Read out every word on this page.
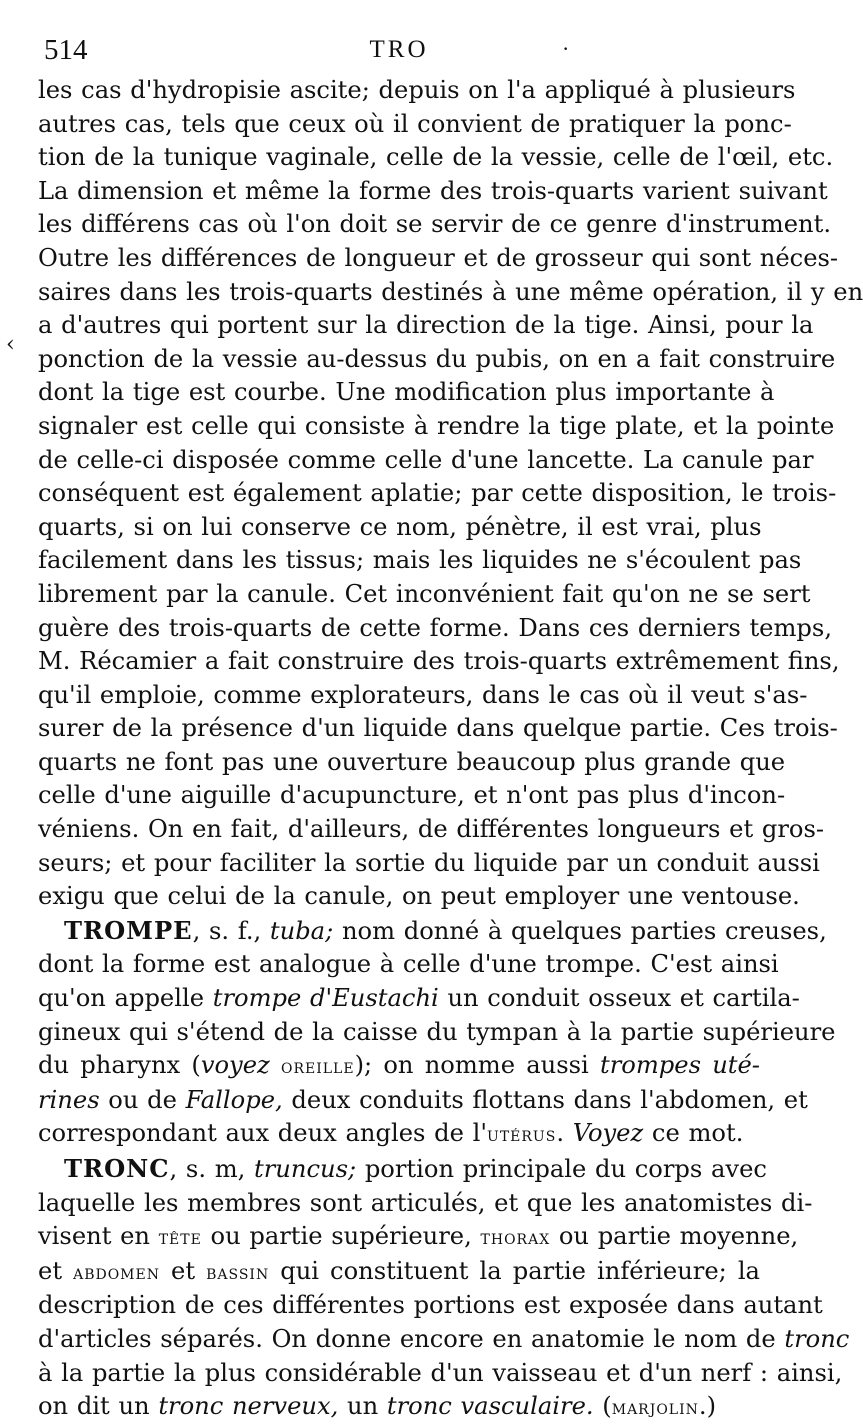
514	TRO	·
‹
les cas d'hydropisie ascite; depuis on l'a appliqué à plusieurs
autres cas, tels que ceux où il convient de pratiquer la ponc-
tion de la tunique vaginale, celle de la vessie, celle de l'œil, etc.
La dimension et même la forme des trois-quarts varient suivant
les différens cas où l'on doit se servir de ce genre d'instrument.
Outre les différences de longueur et de grosseur qui sont néces-
saires dans les trois-quarts destinés à une même opération, il y en
a d'autres qui portent sur la direction de la tige. Ainsi, pour la
ponction de la vessie au-dessus du pubis, on en a fait construire
dont la tige est courbe. Une modification plus importante à
signaler est celle qui consiste à rendre la tige plate, et la pointe
de celle-ci disposée comme celle d'une lancette. La canule par
conséquent est également aplatie; par cette disposition, le trois-
quarts, si on lui conserve ce nom, pénètre, il est vrai, plus
facilement dans les tissus; mais les liquides ne s'écoulent pas
librement par la canule. Cet inconvénient fait qu'on ne se sert
guère des trois-quarts de cette forme. Dans ces derniers temps,
M. Récamier a fait construire des trois-quarts extrêmement fins,
qu'il emploie, comme explorateurs, dans le cas où il veut s'as-
surer de la présence d'un liquide dans quelque partie. Ces trois-
quarts ne font pas une ouverture beaucoup plus grande que
celle d'une aiguille d'acupuncture, et n'ont pas plus d'incon-
véniens. On en fait, d'ailleurs, de différentes longueurs et gros-
seurs; et pour faciliter la sortie du liquide par un conduit aussi
exigu que celui de la canule, on peut employer une ventouse.
TROMPE, s. f., tuba; nom donné à quelques parties creuses,
dont la forme est analogue à celle d'une trompe. C'est ainsi
qu'on appelle trompe d'Eustachi un conduit osseux et cartila-
gineux qui s'étend de la caisse du tympan à la partie supérieure
du pharynx (voyez oreille); on nomme aussi trompes uté-
rines ou de Fallope, deux conduits flottans dans l'abdomen, et
correspondant aux deux angles de l'utérus. Voyez ce mot.
TRONC, s. m, truncus; portion principale du corps avec
laquelle les membres sont articulés, et que les anatomistes di-
visent en tête ou partie supérieure, thorax ou partie moyenne,
et abdomen et bassin qui constituent la partie inférieure; la
description de ces différentes portions est exposée dans autant
d'articles séparés. On donne encore en anatomie le nom de tronc
à la partie la plus considérable d'un vaisseau et d'un nerf : ainsi,
on dit un tronc nerveux, un tronc vasculaire. (marjolin.)
